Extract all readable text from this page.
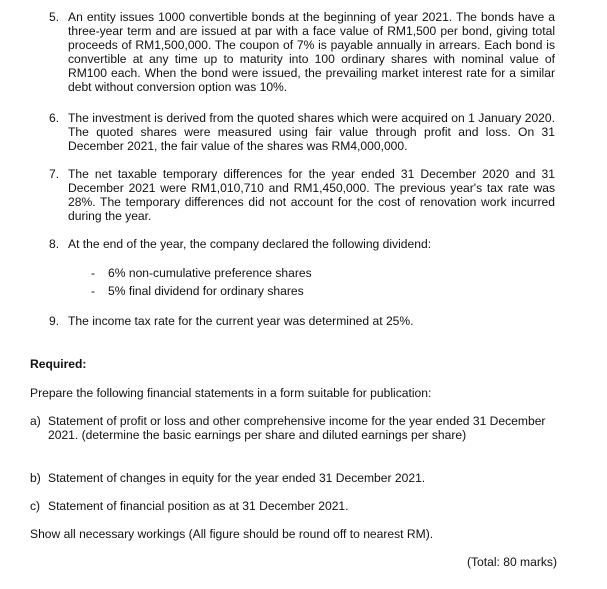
5. An entity issues 1000 convertible bonds at the beginning of year 2021. The bonds have a three-year term and are issued at par with a face value of RM1,500 per bond, giving total proceeds of RM1,500,000. The coupon of 7% is payable annually in arrears. Each bond is convertible at any time up to maturity into 100 ordinary shares with nominal value of RM100 each. When the bond were issued, the prevailing market interest rate for a similar debt without conversion option was 10%.
6. The investment is derived from the quoted shares which were acquired on 1 January 2020. The quoted shares were measured using fair value through profit and loss. On 31 December 2021, the fair value of the shares was RM4,000,000.
7. The net taxable temporary differences for the year ended 31 December 2020 and 31 December 2021 were RM1,010,710 and RM1,450,000. The previous year's tax rate was 28%. The temporary differences did not account for the cost of renovation work incurred during the year.
8. At the end of the year, the company declared the following dividend:
- 6% non-cumulative preference shares
- 5% final dividend for ordinary shares
9. The income tax rate for the current year was determined at 25%.
Required:
Prepare the following financial statements in a form suitable for publication:
a) Statement of profit or loss and other comprehensive income for the year ended 31 December 2021. (determine the basic earnings per share and diluted earnings per share)
b) Statement of changes in equity for the year ended 31 December 2021.
c) Statement of financial position as at 31 December 2021.
Show all necessary workings (All figure should be round off to nearest RM).
(Total: 80 marks)
